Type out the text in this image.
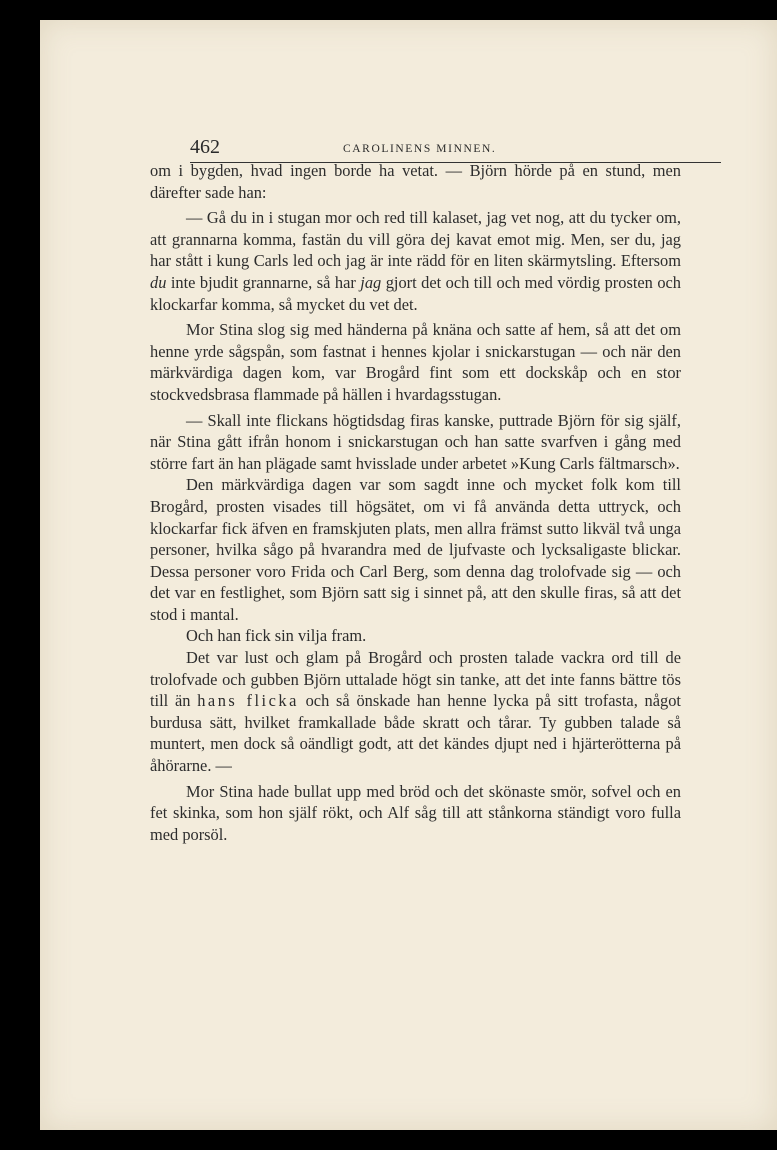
462	CAROLINENS MINNEN.

om i bygden, hvad ingen borde ha vetat. — Björn hörde på en stund, men därefter sade han:

— Gå du in i stugan mor och red till kalaset, jag vet nog, att du tycker om, att grannarna komma, fastän du vill göra dej kavat emot mig. Men, ser du, jag har stått i kung Carls led och jag är inte rädd för en liten skärmytsling. Eftersom du inte bjudit grannarne, så har jag gjort det och till och med vördig prosten och klockarfar komma, så mycket du vet det.

Mor Stina slog sig med händerna på knäna och satte af hem, så att det om henne yrde sågspån, som fastnat i hennes kjolar i snickarstugan — och när den märkvärdiga dagen kom, var Brogård fint som ett dockskåp och en stor stockvedsbrasa flammade på hällen i hvardagsstugan.

— Skall inte flickans högtidsdag firas kanske, puttrade Björn för sig själf, när Stina gått ifrån honom i snickarstugan och han satte svarfven i gång med större fart än han plägade samt hvisslade under arbetet »Kung Carls fältmarsch».

Den märkvärdiga dagen var som sagdt inne och mycket folk kom till Brogård, prosten visades till högsätet, om vi få använda detta uttryck, och klockarfar fick äfven en framskjuten plats, men allra främst sutto likväl två unga personer, hvilka sågo på hvarandra med de ljufvaste och lycksaligaste blickar. Dessa personer voro Frida och Carl Berg, som denna dag trolofvade sig — och det var en festlighet, som Björn satt sig i sinnet på, att den skulle firas, så att det stod i mantal.

Och han fick sin vilja fram.

Det var lust och glam på Brogård och prosten talade vackra ord till de trolofvade och gubben Björn uttalade högt sin tanke, att det inte fanns bättre tös till än hans flicka och så önskade han henne lycka på sitt trofasta, något burdusa sätt, hvilket framkallade både skratt och tårar. Ty gubben talade så muntert, men dock så oändligt godt, att det kändes djupt ned i hjärterötterna på åhörarne. —

Mor Stina hade bullat upp med bröd och det skönaste smör, sofvel och en fet skinka, som hon själf rökt, och Alf såg till att stånkorna ständigt voro fulla med porsöl.
